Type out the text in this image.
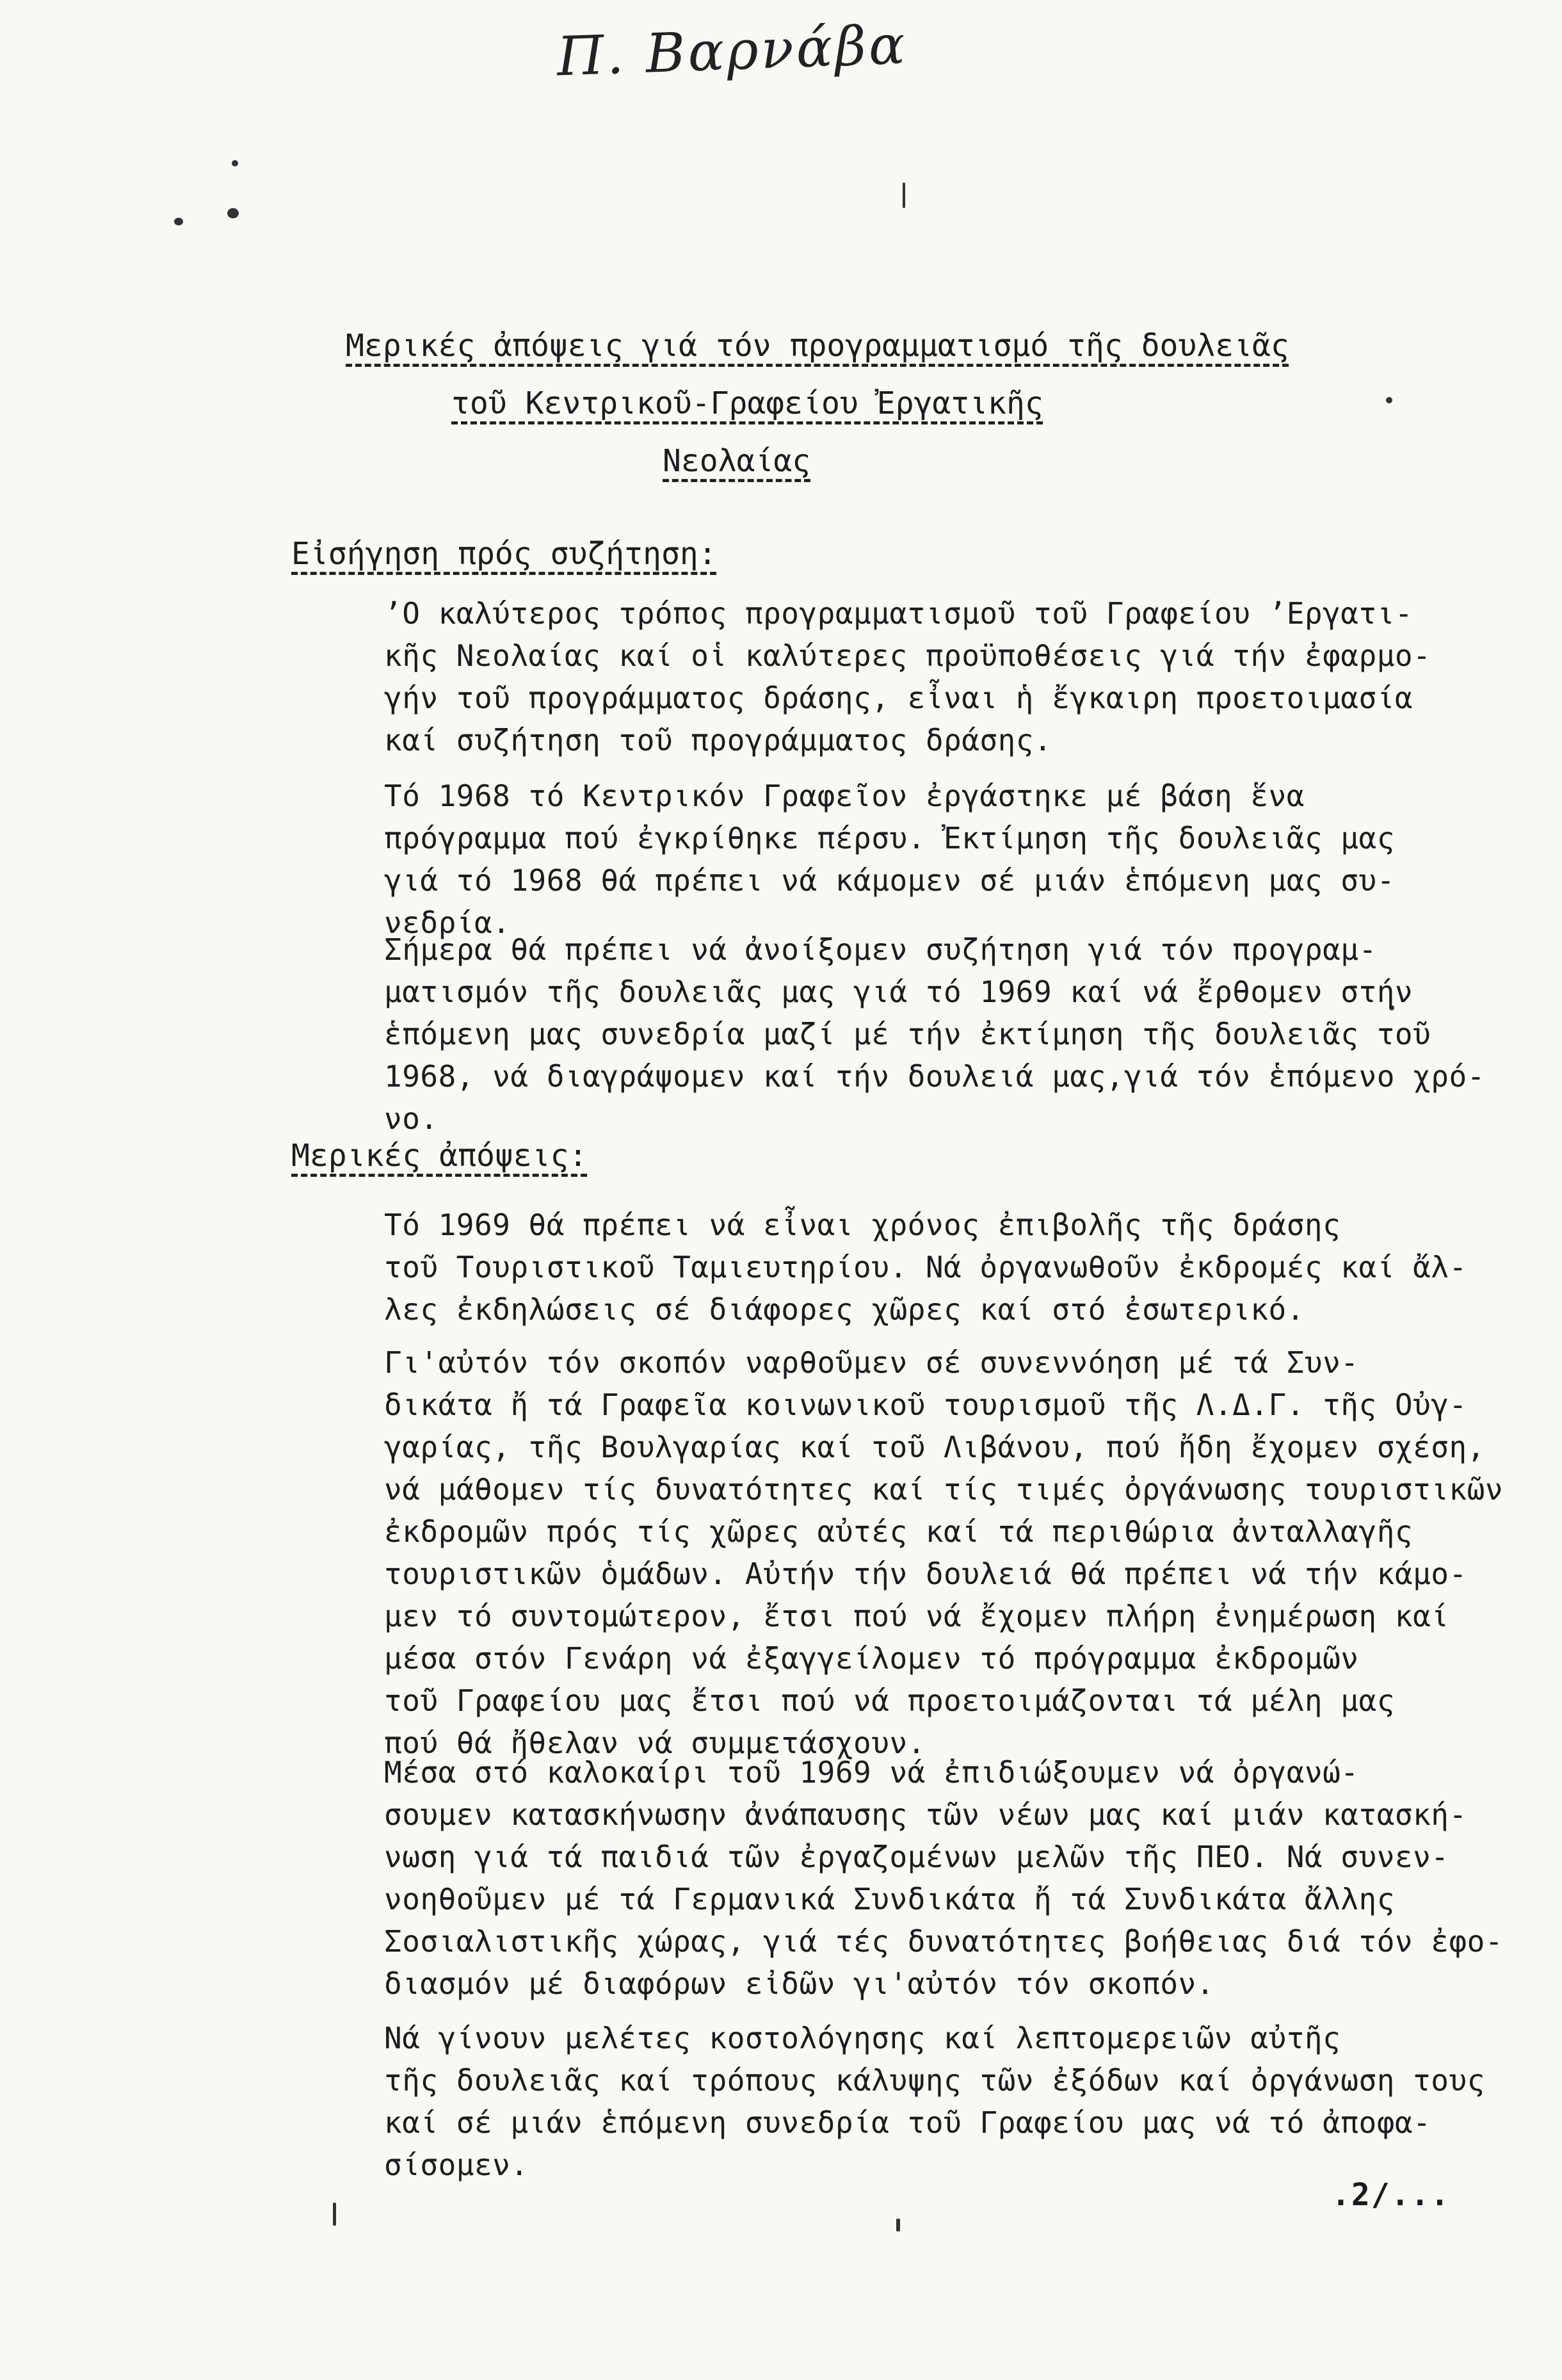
Π. Βαρνάβα
Μερικές ἀπόψεις γιά τόν προγραμματισμό τῆς δουλειᾶς
τοῦ Κεντρικοῦ-Γραφείου Ἐργατικῆς
Νεολαίας
Εἰσήγηση πρός συζήτηση:
ʼΟ καλύτερος τρόπος προγραμματισμοῦ τοῦ Γραφείου ʼΕργατι-
κῆς Νεολαίας καί οἱ καλύτερες προϋποθέσεις γιά τήν ἐφαρμο-
γήν τοῦ προγράμματος δράσης, εἶναι ἡ ἔγκαιρη προετοιμασία
καί συζήτηση τοῦ προγράμματος δράσης.
Τό 1968 τό Κεντρικόν Γραφεῖον ἐργάστηκε μέ βάση ἕνα
πρόγραμμα πού ἐγκρίθηκε πέρσυ. Ἐκτίμηση τῆς δουλειᾶς μας
γιά τό 1968 θά πρέπει νά κάμομεν σέ μιάν ἑπόμενη μας συ-
νεδρία.
Σήμερα θά πρέπει νά ἀνοίξομεν συζήτηση γιά τόν προγραμ-
ματισμόν τῆς δουλειᾶς μας γιά τό 1969 καί νά ἔρθομεν στήν
ἑπόμενη μας συνεδρία μαζί μέ τήν ἐκτίμηση τῆς δουλειᾶς τοῦ
1968, νά διαγράψομεν καί τήν δουλειά μας,γιά τόν ἑπόμενο χρό-
νο.
Μερικές ἀπόψεις:
Τό 1969 θά πρέπει νά εἶναι χρόνος ἐπιβολῆς τῆς δράσης
τοῦ Τουριστικοῦ Ταμιευτηρίου. Νά ὀργανωθοῦν ἐκδρομές καί ἄλ-
λες ἐκδηλώσεις σέ διάφορες χῶρες καί στό ἐσωτερικό.
Γι'αὐτόν τόν σκοπόν ναρθοῦμεν σέ συνεννόηση μέ τά Συν-
δικάτα ἤ τά Γραφεῖα κοινωνικοῦ τουρισμοῦ τῆς Λ.Δ.Γ. τῆς Οὐγ-
γαρίας, τῆς Βουλγαρίας καί τοῦ Λιβάνου, πού ἤδη ἔχομεν σχέση,
νά μάθομεν τίς δυνατότητες καί τίς τιμές ὀργάνωσης τουριστικῶν
ἐκδρομῶν πρός τίς χῶρες αὐτές καί τά περιθώρια ἀνταλλαγῆς
τουριστικῶν ὁμάδων. Αὐτήν τήν δουλειά θά πρέπει νά τήν κάμο-
μεν τό συντομώτερον, ἔτσι πού νά ἔχομεν πλήρη ἐνημέρωση καί
μέσα στόν Γενάρη νά ἐξαγγείλομεν τό πρόγραμμα ἐκδρομῶν
τοῦ Γραφείου μας ἔτσι πού νά προετοιμάζονται τά μέλη μας
πού θά ἤθελαν νά συμμετάσχουν.
Μέσα στό καλοκαίρι τοῦ 1969 νά ἐπιδιώξουμεν νά ὀργανώ-
σουμεν κατασκήνωσην ἀνάπαυσης τῶν νέων μας καί μιάν κατασκή-
νωση γιά τά παιδιά τῶν ἐργαζομένων μελῶν τῆς ΠΕΟ. Νά συνεν-
νοηθοῦμεν μέ τά Γερμανικά Συνδικάτα ἤ τά Συνδικάτα ἄλλης
Σοσιαλιστικῆς χώρας, γιά τές δυνατότητες βοήθειας διά τόν ἐφο-
διασμόν μέ διαφόρων εἰδῶν γι'αὐτόν τόν σκοπόν.
Νά γίνουν μελέτες κοστολόγησης καί λεπτομερειῶν αὐτῆς
τῆς δουλειᾶς καί τρόπους κάλυψης τῶν ἐξόδων καί ὀργάνωση τους
καί σέ μιάν ἑπόμενη συνεδρία τοῦ Γραφείου μας νά τό ἀποφα-
σίσομεν.
.2/...
